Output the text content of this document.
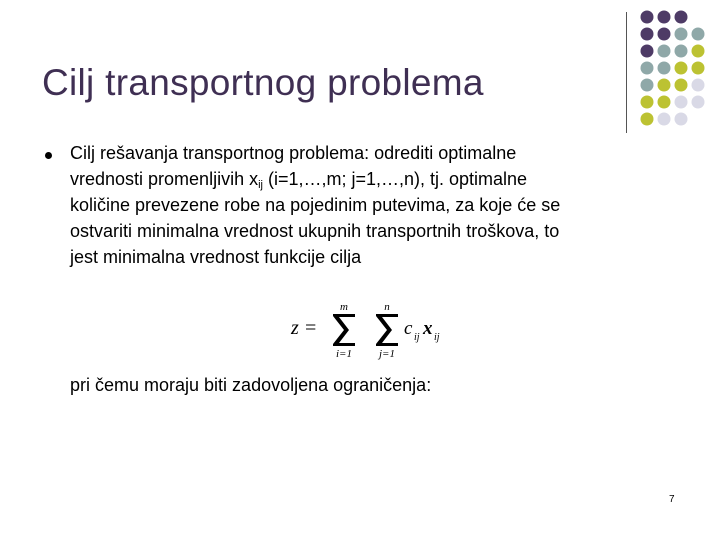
Cilj transportnog problema

Cilj rešavanja transportnog problema: odrediti optimalne
vrednosti promenljivih $x_{ij}$ (i=1,…,m; j=1,…,n), tj. optimalne
količine prevezene robe na pojedinim putevima, za koje će se
ostvariti minimalna vrednost ukupnih transportnih troškova, to
jest minimalna vrednost funkcije cilja

z =
m
i=1
n
j=1
c ij x ij

pri čemu moraju biti zadovoljena ograničenja:

7
